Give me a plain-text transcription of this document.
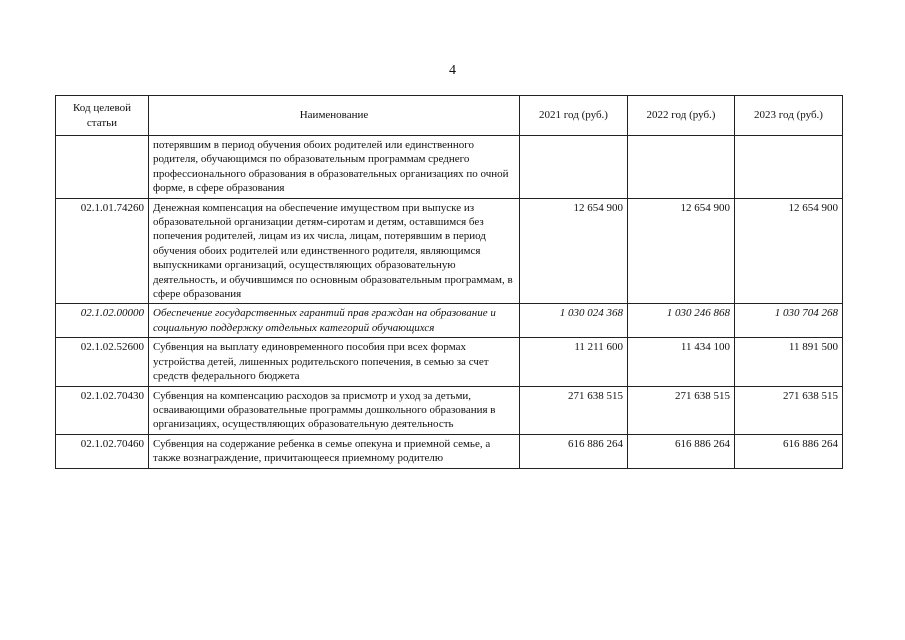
4
Код целевой статьи	Наименование	2021 год (руб.)	2022 год (руб.)	2023 год (руб.)
	потерявшим в период обучения обоих родителей или единственного родителя, обучающимся по образовательным программам среднего профессионального образования в образовательных организациях по очной форме, в сфере образования			
02.1.01.74260	Денежная компенсация на обеспечение имуществом при выпуске из образовательной организации детям-сиротам и детям, оставшимся без попечения родителей, лицам из их числа, лицам, потерявшим в период обучения обоих родителей или единственного родителя, являющимся выпускниками организаций, осуществляющих образовательную деятельность, и обучившимся по основным образовательным программам, в сфере образования	12 654 900	12 654 900	12 654 900
02.1.02.00000	Обеспечение государственных гарантий прав граждан на образование и социальную поддержку отдельных категорий обучающихся	1 030 024 368	1 030 246 868	1 030 704 268
02.1.02.52600	Субвенция на выплату единовременного пособия при всех формах устройства детей, лишенных родительского попечения, в семью за счет средств федерального бюджета	11 211 600	11 434 100	11 891 500
02.1.02.70430	Субвенция на компенсацию расходов за присмотр и уход за детьми, осваивающими образовательные программы дошкольного образования в организациях, осуществляющих образовательную деятельность	271 638 515	271 638 515	271 638 515
02.1.02.70460	Субвенция на содержание ребенка в семье опекуна и приемной семье, а также вознаграждение, причитающееся приемному родителю	616 886 264	616 886 264	616 886 264
